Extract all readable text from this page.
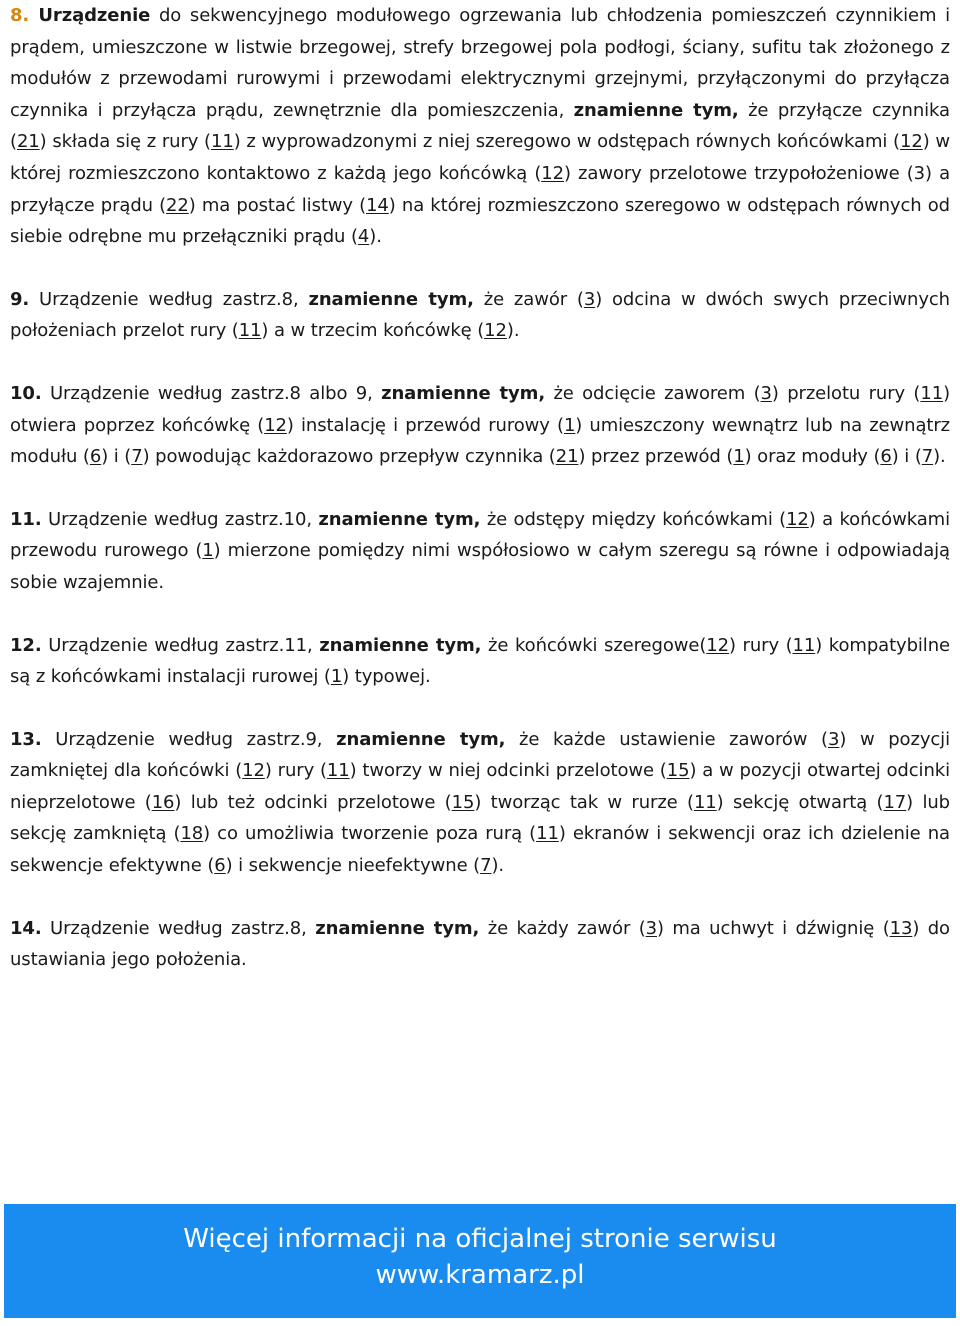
8. Urządzenie do sekwencyjnego modułowego ogrzewania lub chłodzenia pomieszczeń czynnikiem i prądem, umieszczone w listwie brzegowej, strefy brzegowej pola podłogi, ściany, sufitu tak złożonego z modułów z przewodami rurowymi i przewodami elektrycznymi grzejnymi, przyłączonymi do przyłącza czynnika i przyłącza prądu, zewnętrznie dla pomieszczenia, znamienne tym, że przyłącze czynnika (21) składa się z rury (11) z wyprowadzonymi z niej szeregowo w odstępach równych końcówkami (12) w której rozmieszczono kontaktowo z każdą jego końcówką (12) zawory przelotowe trzypołożeniowe (3) a przyłącze prądu (22) ma postać listwy (14) na której rozmieszczono szeregowo w odstępach równych od siebie odrębne mu przełączniki prądu (4).

9. Urządzenie według zastrz.8, znamienne tym, że zawór (3) odcina w dwóch swych przeciwnych położeniach przelot rury (11) a w trzecim końcówkę (12).

10. Urządzenie według zastrz.8 albo 9, znamienne tym, że odcięcie zaworem (3) przelotu rury (11) otwiera poprzez końcówkę (12) instalację i przewód rurowy (1) umieszczony wewnątrz lub na zewnątrz modułu (6) i (7) powodując każdorazowo przepływ czynnika (21) przez przewód (1) oraz moduły (6) i (7).

11. Urządzenie według zastrz.10, znamienne tym, że odstępy między końcówkami (12) a końcówkami przewodu rurowego (1) mierzone pomiędzy nimi współosiowo w całym szeregu są równe i odpowiadają sobie wzajemnie.

12. Urządzenie według zastrz.11, znamienne tym, że końcówki szeregowe(12) rury (11) kompatybilne są z końcówkami instalacji rurowej (1) typowej.

13. Urządzenie według zastrz.9, znamienne tym, że każde ustawienie zaworów (3) w pozycji zamkniętej dla końcówki (12) rury (11) tworzy w niej odcinki przelotowe (15) a w pozycji otwartej odcinki nieprzelotowe (16) lub też odcinki przelotowe (15) tworząc tak w rurze (11) sekcję otwartą (17) lub sekcję zamkniętą (18) co umożliwia tworzenie poza rurą (11) ekranów i sekwencji oraz ich dzielenie na sekwencje efektywne (6) i sekwencje nieefektywne (7).

14. Urządzenie według zastrz.8, znamienne tym, że każdy zawór (3) ma uchwyt i dźwignię (13) do ustawiania jego położenia.

Więcej informacji na oficjalnej stronie serwisu
www.kramarz.pl
